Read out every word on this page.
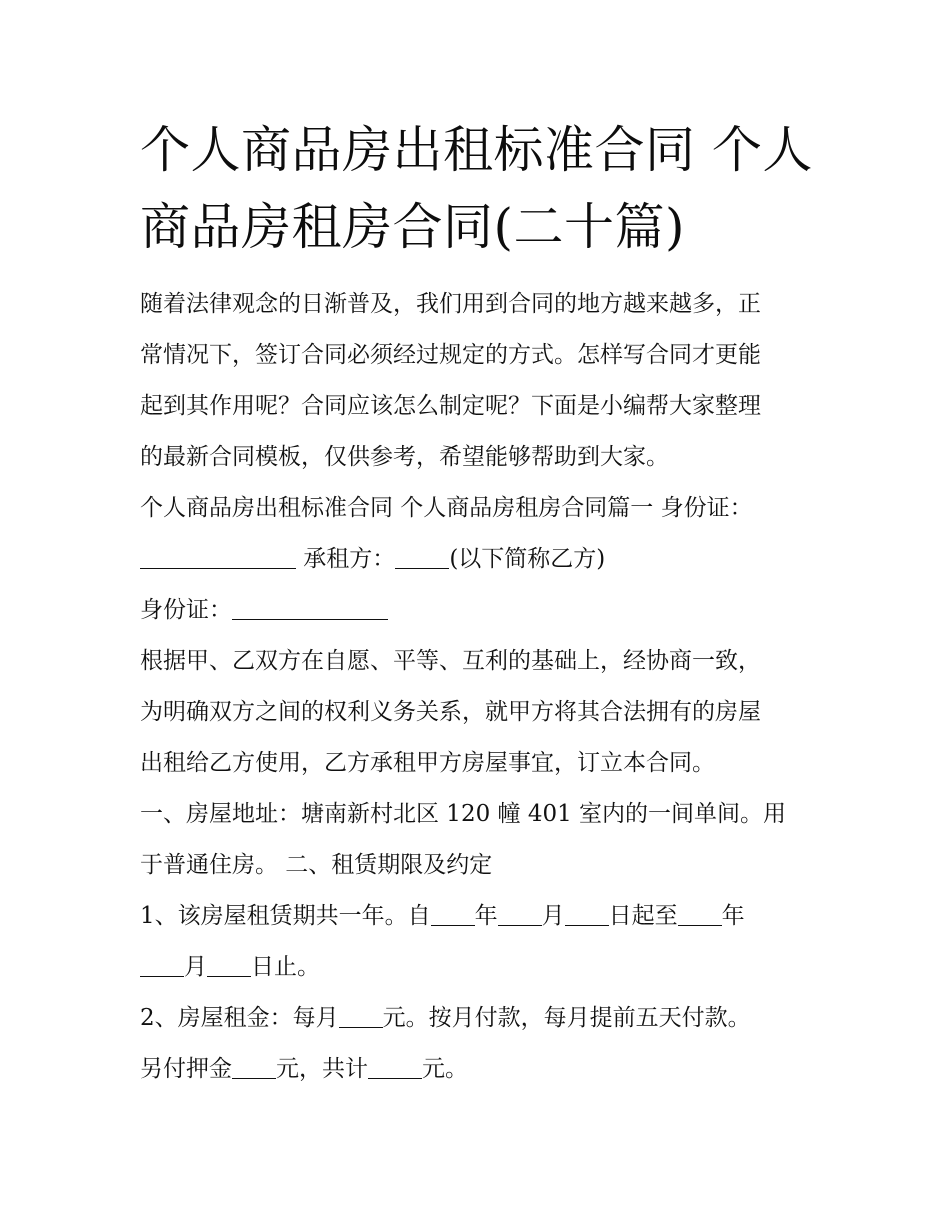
个人商品房出租标准合同 个人
商品房租房合同(二十篇)
随着法律观念的日渐普及，我们用到合同的地方越来越多，正
常情况下，签订合同必须经过规定的方式。怎样写合同才更能
起到其作用呢？合同应该怎么制定呢？下面是小编帮大家整理
的最新合同模板，仅供参考，希望能够帮助到大家。
个人商品房出租标准合同 个人商品房租房合同篇一 身份证：
承租方： (以下简称乙方)
身份证：
根据甲、乙双方在自愿、平等、互利的基础上，经协商一致，
为明确双方之间的权利义务关系，就甲方将其合法拥有的房屋
出租给乙方使用，乙方承租甲方房屋事宜，订立本合同。
一、房屋地址：塘南新村北区 120 幢 401 室内的一间单间。用
于普通住房。 二、租赁期限及约定
1、该房屋租赁期共一年。自 年 月 日起至 年
月 日止。
2、房屋租金：每月 元。按月付款，每月提前五天付款。
另付押金 元，共计 元。
